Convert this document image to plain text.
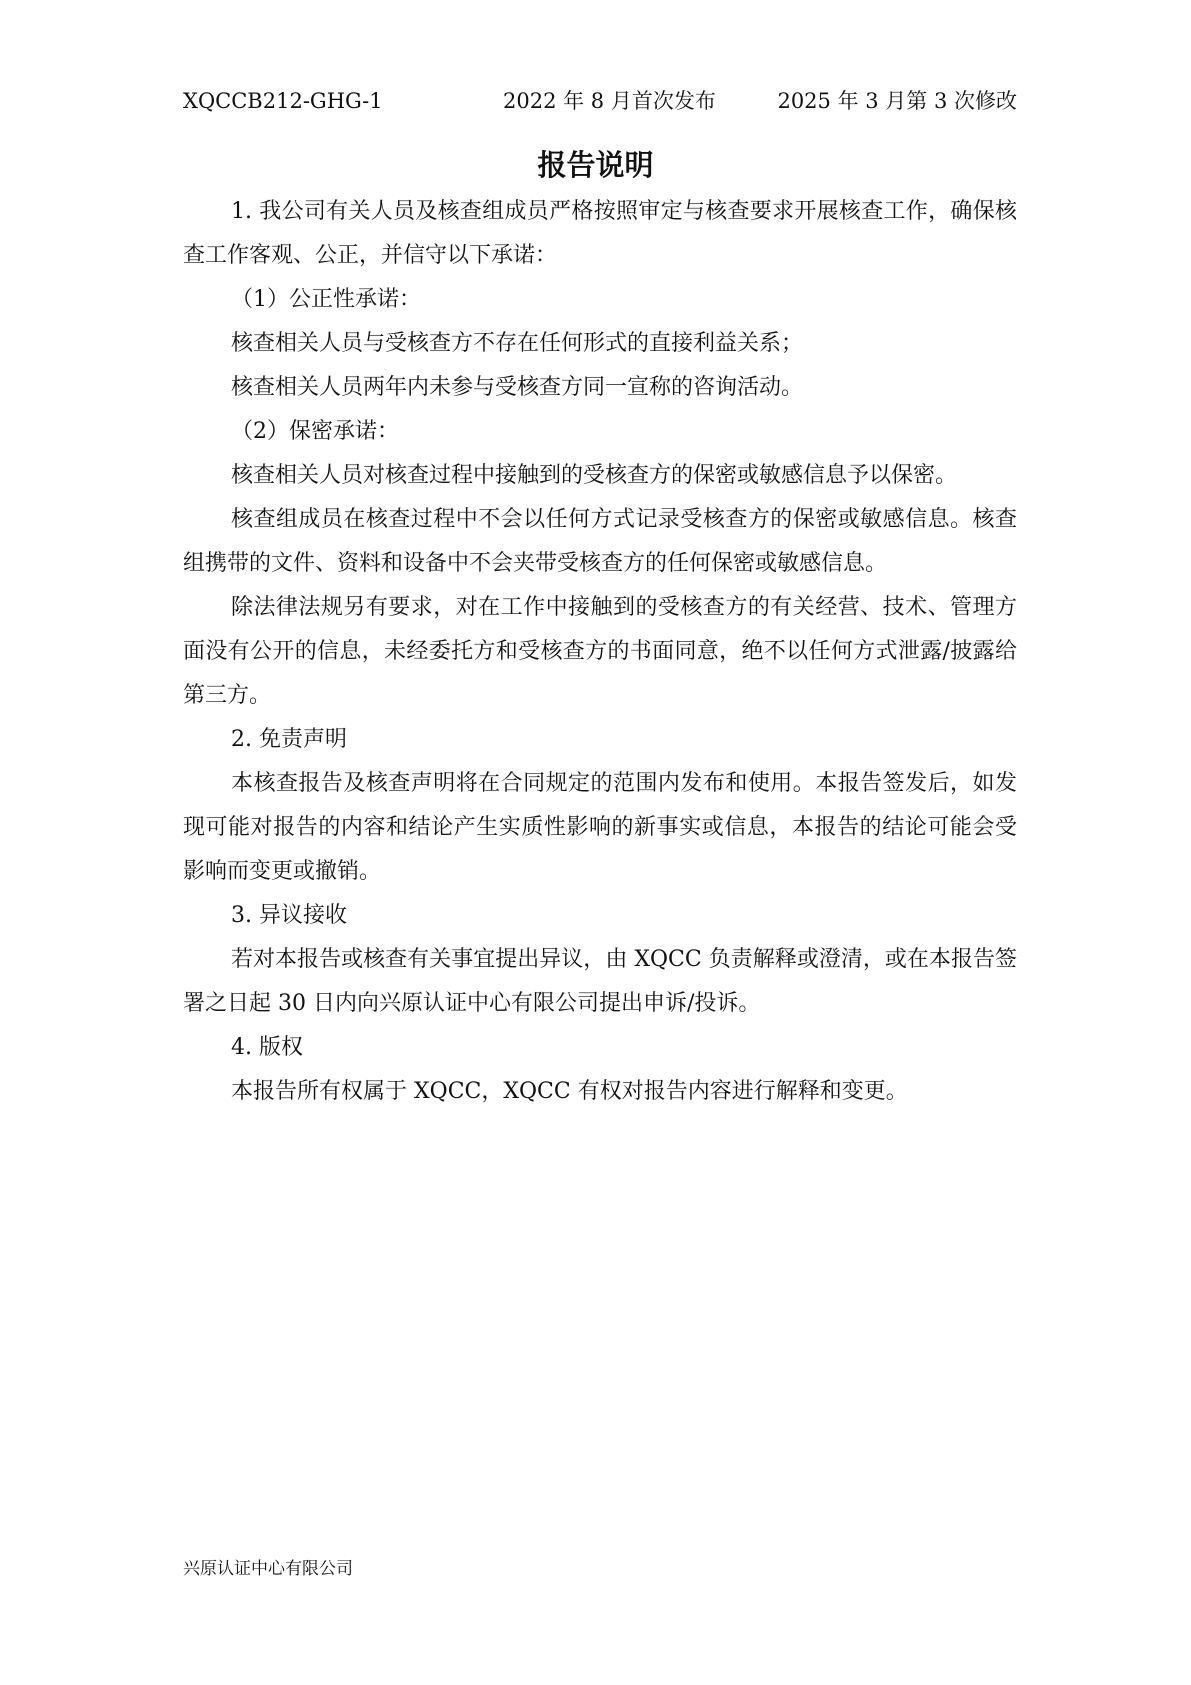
XQCCB212-GHG-1	2022 年 8 月首次发布	2025 年 3 月第 3 次修改
报告说明

1. 我公司有关人员及核查组成员严格按照审定与核查要求开展核查工作，确保核查工作客观、公正，并信守以下承诺：

（1）公正性承诺：

核查相关人员与受核查方不存在任何形式的直接利益关系；

核查相关人员两年内未参与受核查方同一宣称的咨询活动。

（2）保密承诺：

核查相关人员对核查过程中接触到的受核查方的保密或敏感信息予以保密。

核查组成员在核查过程中不会以任何方式记录受核查方的保密或敏感信息。核查组携带的文件、资料和设备中不会夹带受核查方的任何保密或敏感信息。

除法律法规另有要求，对在工作中接触到的受核查方的有关经营、技术、管理方面没有公开的信息，未经委托方和受核查方的书面同意，绝不以任何方式泄露/披露给第三方。

2. 免责声明

本核查报告及核查声明将在合同规定的范围内发布和使用。本报告签发后，如发现可能对报告的内容和结论产生实质性影响的新事实或信息，本报告的结论可能会受影响而变更或撤销。

3. 异议接收

若对本报告或核查有关事宜提出异议，由 XQCC 负责解释或澄清，或在本报告签署之日起 30 日内向兴原认证中心有限公司提出申诉/投诉。

4. 版权

本报告所有权属于 XQCC，XQCC 有权对报告内容进行解释和变更。

兴原认证中心有限公司
